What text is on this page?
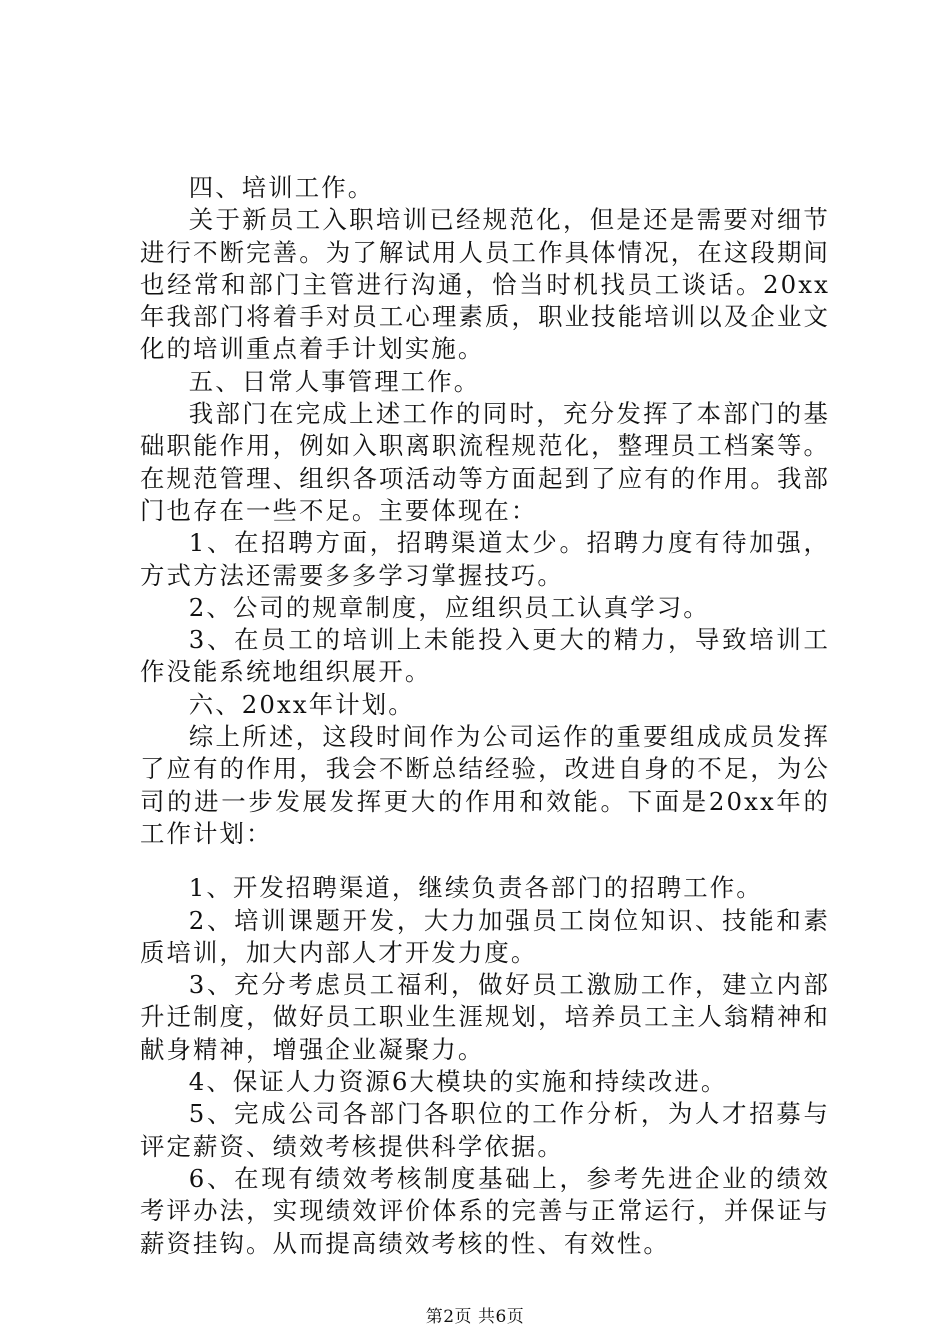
四、培训工作。

关于新员工入职培训已经规范化，但是还是需要对细节进行不断完善。为了解试用人员工作具体情况，在这段期间也经常和部门主管进行沟通，恰当时机找员工谈话。20xx年我部门将着手对员工心理素质，职业技能培训以及企业文化的培训重点着手计划实施。

五、日常人事管理工作。

我部门在完成上述工作的同时，充分发挥了本部门的基础职能作用，例如入职离职流程规范化，整理员工档案等。在规范管理、组织各项活动等方面起到了应有的作用。我部门也存在一些不足。主要体现在：

1、在招聘方面，招聘渠道太少。招聘力度有待加强，方式方法还需要多多学习掌握技巧。

2、公司的规章制度，应组织员工认真学习。

3、在员工的培训上未能投入更大的精力，导致培训工作没能系统地组织展开。

六、20xx年计划。

综上所述，这段时间作为公司运作的重要组成成员发挥了应有的作用，我会不断总结经验，改进自身的不足，为公司的进一步发展发挥更大的作用和效能。下面是20xx年的工作计划：

1、开发招聘渠道，继续负责各部门的招聘工作。

2、培训课题开发，大力加强员工岗位知识、技能和素质培训，加大内部人才开发力度。

3、充分考虑员工福利，做好员工激励工作，建立内部升迁制度，做好员工职业生涯规划，培养员工主人翁精神和献身精神，增强企业凝聚力。

4、保证人力资源6大模块的实施和持续改进。

5、完成公司各部门各职位的工作分析，为人才招募与评定薪资、绩效考核提供科学依据。

6、在现有绩效考核制度基础上，参考先进企业的绩效考评办法，实现绩效评价体系的完善与正常运行，并保证与薪资挂钩。从而提高绩效考核的性、有效性。

第2页 共6页
